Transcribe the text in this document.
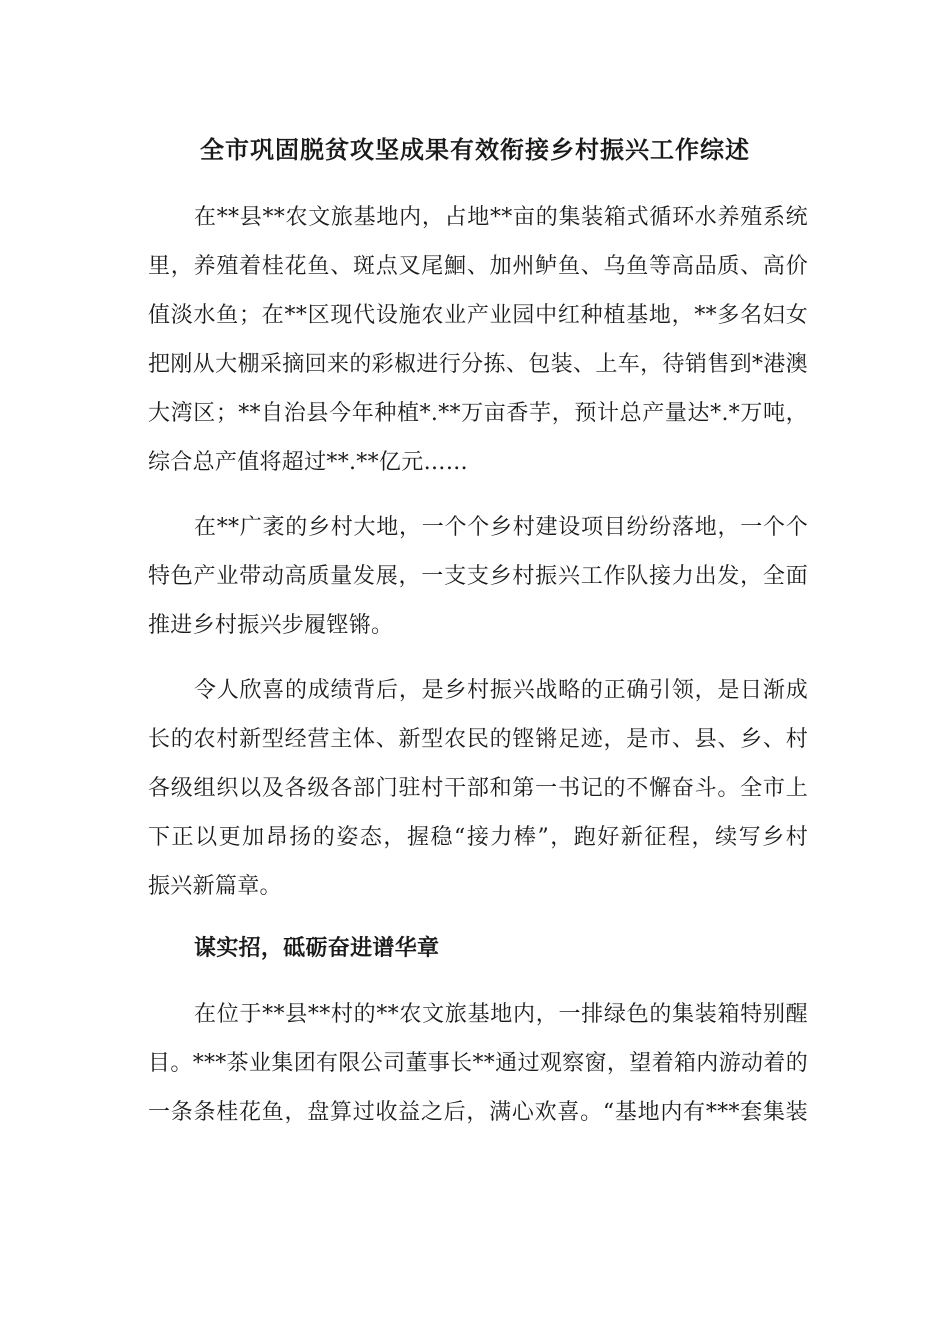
全市巩固脱贫攻坚成果有效衔接乡村振兴工作综述
在**县**农文旅基地内，占地**亩的集装箱式循环水养殖系统
里，养殖着桂花鱼、斑点叉尾鮰、加州鲈鱼、乌鱼等高品质、高价
值淡水鱼；在**区现代设施农业产业园中红种植基地，**多名妇女
把刚从大棚采摘回来的彩椒进行分拣、包装、上车，待销售到*港澳
大湾区；**自治县今年种植*.**万亩香芋，预计总产量达*.*万吨，
综合总产值将超过**.**亿元……
在**广袤的乡村大地，一个个乡村建设项目纷纷落地，一个个
特色产业带动高质量发展，一支支乡村振兴工作队接力出发，全面
推进乡村振兴步履铿锵。
令人欣喜的成绩背后，是乡村振兴战略的正确引领，是日渐成
长的农村新型经营主体、新型农民的铿锵足迹，是市、县、乡、村
各级组织以及各级各部门驻村干部和第一书记的不懈奋斗。全市上
下正以更加昂扬的姿态，握稳“接力棒”，跑好新征程，续写乡村
振兴新篇章。
谋实招，砥砺奋进谱华章
在位于**县**村的**农文旅基地内，一排绿色的集装箱特别醒
目。***茶业集团有限公司董事长**通过观察窗，望着箱内游动着的
一条条桂花鱼，盘算过收益之后，满心欢喜。“基地内有***套集装
